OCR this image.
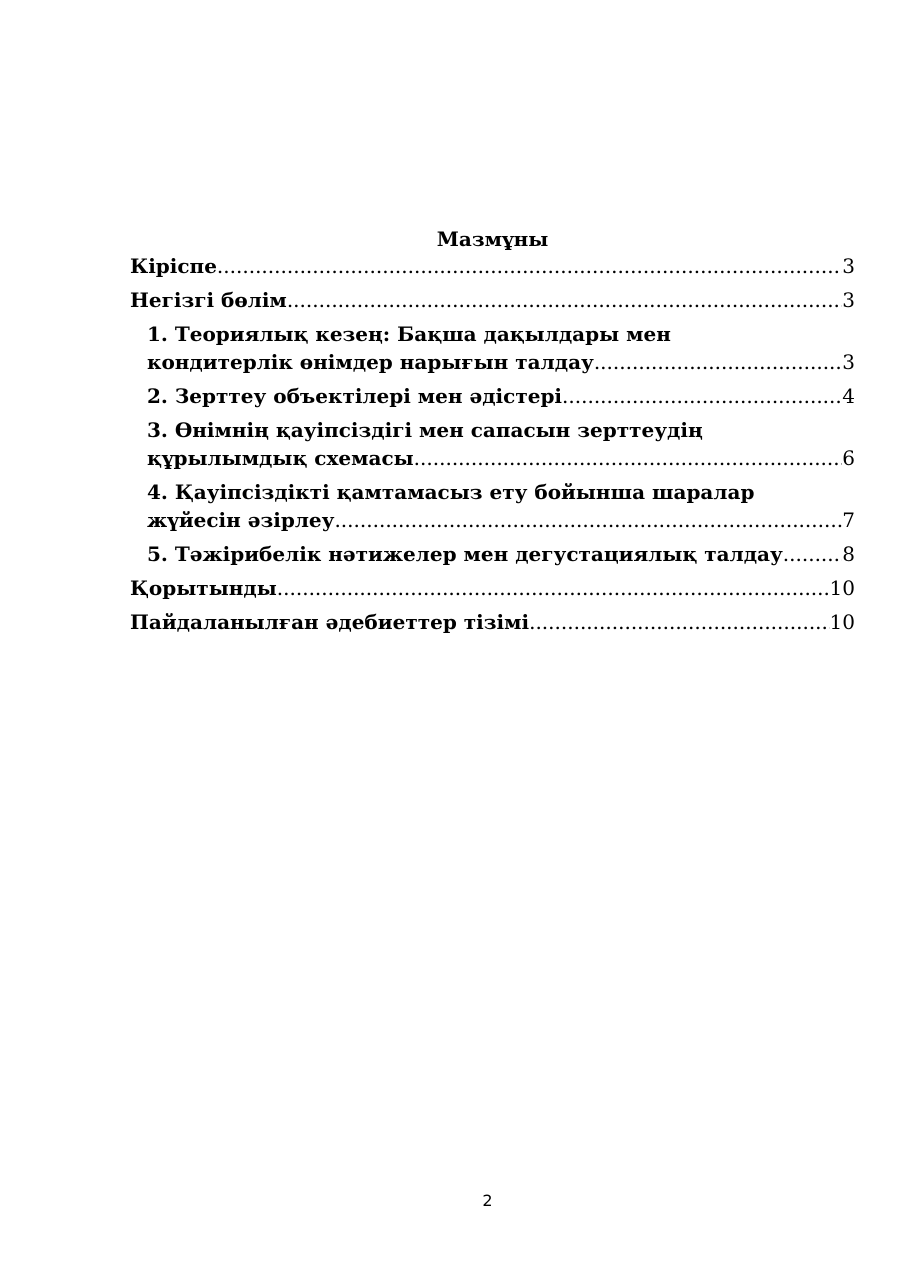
Мазмұны
Кіріспе .....	3
Негізгі бөлім .....	3
1. Теориялық кезең: Бақша дақылдары мен
кондитерлік өнімдер нарығын талдау .....	3
2. Зерттеу объектілері мен әдістері .....	4
3. Өнімнің қауіпсіздігі мен сапасын зерттеудің
құрылымдық схемасы .....	6
4. Қауіпсіздікті қамтамасыз ету бойынша шаралар
жүйесін әзірлеу .....	7
5. Тәжірибелік нәтижелер мен дегустациялық талдау .....	8
Қорытынды .....	10
Пайдаланылған әдебиеттер тізімі .....	10
2
